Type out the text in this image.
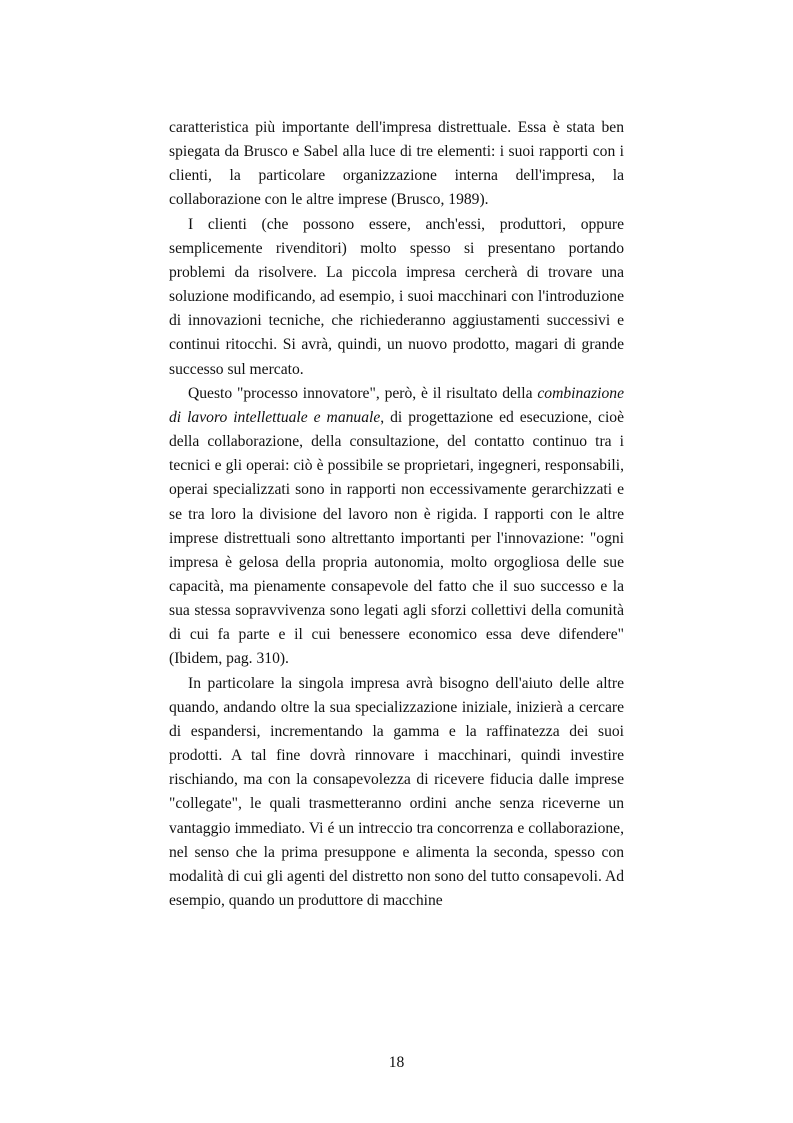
caratteristica più importante dell'impresa distrettuale. Essa è stata ben spiegata da Brusco e Sabel alla luce di tre elementi: i suoi rapporti con i clienti, la particolare organizzazione interna dell'impresa, la collaborazione con le altre imprese (Brusco, 1989).

I clienti (che possono essere, anch'essi, produttori, oppure semplicemente rivenditori) molto spesso si presentano portando problemi da risolvere. La piccola impresa cercherà di trovare una soluzione modificando, ad esempio, i suoi macchinari con l'introduzione di innovazioni tecniche, che richiederanno aggiustamenti successivi e continui ritocchi. Si avrà, quindi, un nuovo prodotto, magari di grande successo sul mercato.

Questo "processo innovatore", però, è il risultato della combinazione di lavoro intellettuale e manuale, di progettazione ed esecuzione, cioè della collaborazione, della consultazione, del contatto continuo tra i tecnici e gli operai: ciò è possibile se proprietari, ingegneri, responsabili, operai specializzati sono in rapporti non eccessivamente gerarchizzati e se tra loro la divisione del lavoro non è rigida. I rapporti con le altre imprese distrettuali sono altrettanto importanti per l'innovazione: "ogni impresa è gelosa della propria autonomia, molto orgogliosa delle sue capacità, ma pienamente consapevole del fatto che il suo successo e la sua stessa sopravvivenza sono legati agli sforzi collettivi della comunità di cui fa parte e il cui benessere economico essa deve difendere" (Ibidem, pag. 310).

In particolare la singola impresa avrà bisogno dell'aiuto delle altre quando, andando oltre la sua specializzazione iniziale, inizierà a cercare di espandersi, incrementando la gamma e la raffinatezza dei suoi prodotti. A tal fine dovrà rinnovare i macchinari, quindi investire rischiando, ma con la consapevolezza di ricevere fiducia dalle imprese "collegate", le quali trasmetteranno ordini anche senza riceverne un vantaggio immediato. Vi é un intreccio tra concorrenza e collaborazione, nel senso che la prima presuppone e alimenta la seconda, spesso con modalità di cui gli agenti del distretto non sono del tutto consapevoli. Ad esempio, quando un produttore di macchine

18
